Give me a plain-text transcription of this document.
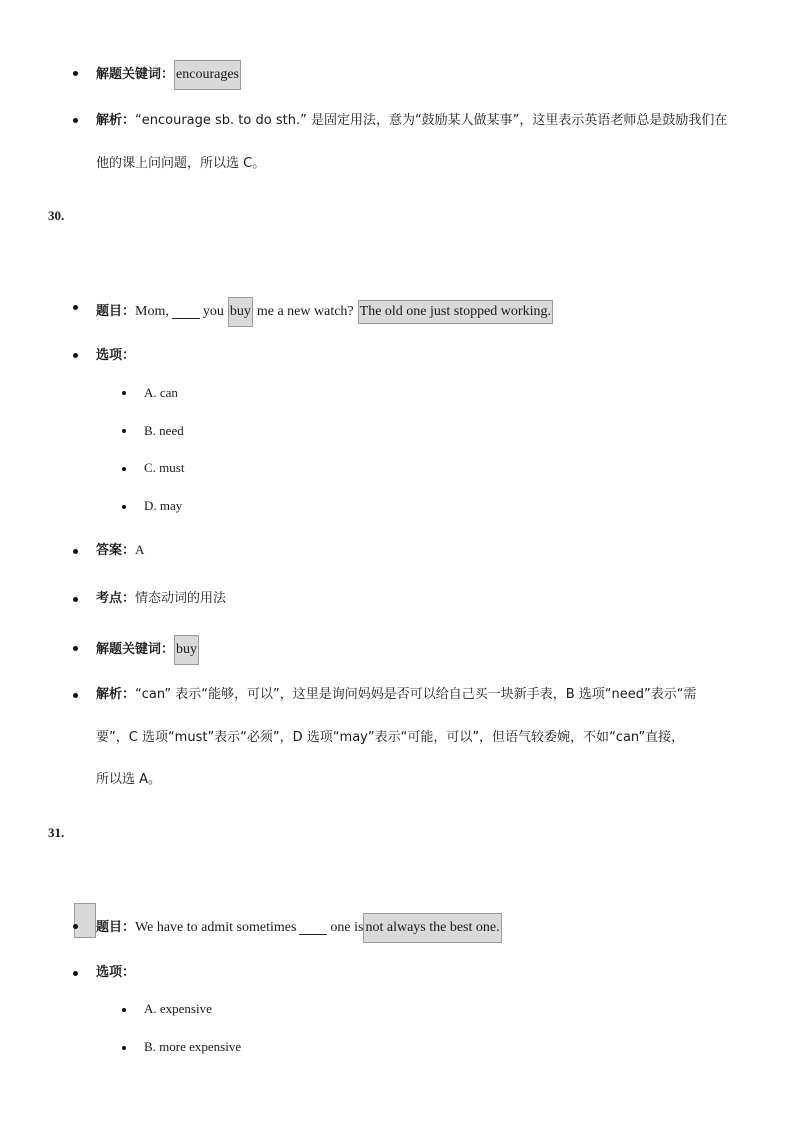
解题关键词： encourages
解析：“encourage sb. to do sth.” 是固定用法，意为“鼓励某人做某事”，这里表示英语老师总是鼓励我们在
他的课上问问题，所以选 C。
30.
题目： Mom, you buy me a new watch? The old one just stopped working.
选项：
A. can
B. need
C. must
D. may
答案：A
考点：情态动词的用法
解题关键词： buy
解析：“can” 表示“能够，可以”，这里是询问妈妈是否可以给自己买一块新手表，B 选项“need”表示“需
要”，C 选项“must”表示“必须”，D 选项“may”表示“可能，可以”，但语气较委婉，不如“can”直接，
所以选 A。
31.
题目： We have to admit sometimes one is not always the best one.
选项：
A. expensive
B. more expensive
